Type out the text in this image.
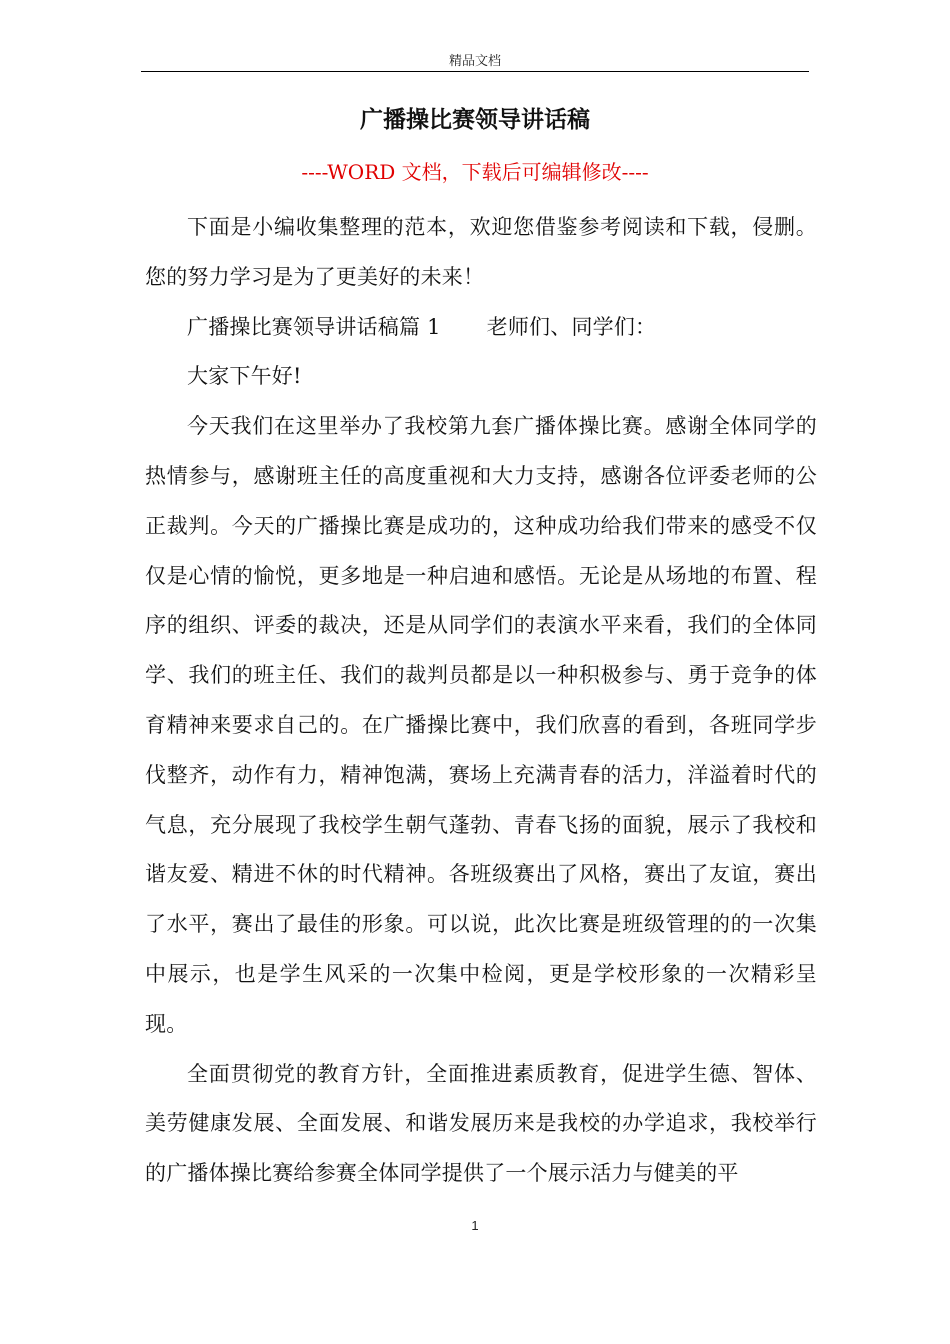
精品文档
广播操比赛领导讲话稿
----WORD 文档，下载后可编辑修改----

下面是小编收集整理的范本，欢迎您借鉴参考阅读和下载，侵删。您的努力学习是为了更美好的未来！

广播操比赛领导讲话稿篇 1 老师们、同学们：

大家下午好!

今天我们在这里举办了我校第九套广播体操比赛。感谢全体同学的热情参与，感谢班主任的高度重视和大力支持，感谢各位评委老师的公正裁判。今天的广播操比赛是成功的，这种成功给我们带来的感受不仅仅是心情的愉悦，更多地是一种启迪和感悟。无论是从场地的布置、程序的组织、评委的裁决，还是从同学们的表演水平来看，我们的全体同学、我们的班主任、我们的裁判员都是以一种积极参与、勇于竞争的体育精神来要求自己的。在广播操比赛中，我们欣喜的看到，各班同学步伐整齐，动作有力，精神饱满，赛场上充满青春的活力，洋溢着时代的气息，充分展现了我校学生朝气蓬勃、青春飞扬的面貌，展示了我校和谐友爱、精进不休的时代精神。各班级赛出了风格，赛出了友谊，赛出了水平，赛出了最佳的形象。可以说，此次比赛是班级管理的的一次集中展示，也是学生风采的一次集中检阅，更是学校形象的一次精彩呈现。

全面贯彻党的教育方针，全面推进素质教育，促进学生德、智体、美劳健康发展、全面发展、和谐发展历来是我校的办学追求，我校举行的广播体操比赛给参赛全体同学提供了一个展示活力与健美的平

1
